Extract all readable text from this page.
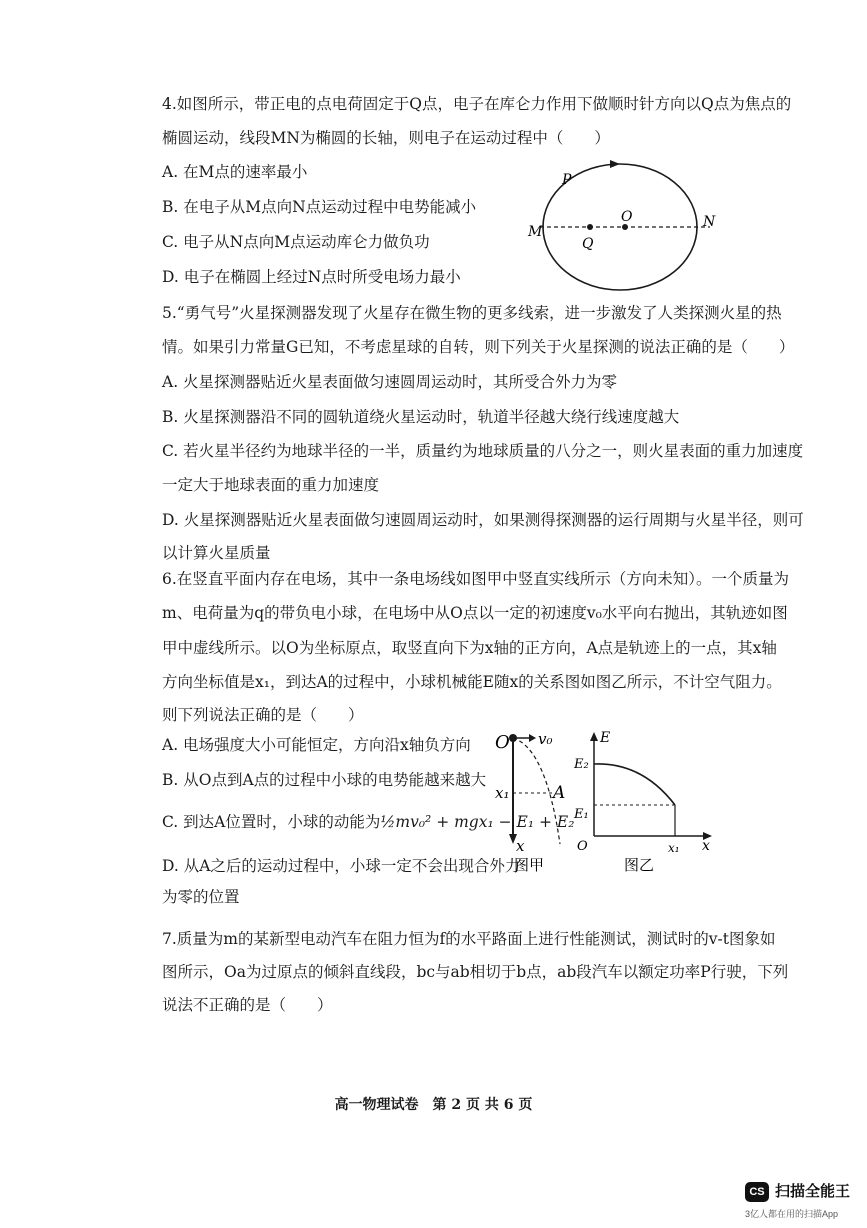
4.如图所示，带正电的点电荷固定于Q点，电子在库仑力作用下做顺时针方向以Q点为焦点的
椭圆运动，线段MN为椭圆的长轴，则电子在运动过程中（　　）
A. 在M点的速率最小
B. 在电子从M点向N点运动过程中电势能减小
C. 电子从N点向M点运动库仑力做负功
D. 电子在椭圆上经过N点时所受电场力最小
P
M
N
O
Q
5.“勇气号”火星探测器发现了火星存在微生物的更多线索，进一步激发了人类探测火星的热
情。如果引力常量G已知，不考虑星球的自转，则下列关于火星探测的说法正确的是（　　）
A. 火星探测器贴近火星表面做匀速圆周运动时，其所受合外力为零
B. 火星探测器沿不同的圆轨道绕火星运动时，轨道半径越大绕行线速度越大
C. 若火星半径约为地球半径的一半，质量约为地球质量的八分之一，则火星表面的重力加速度
一定大于地球表面的重力加速度
D. 火星探测器贴近火星表面做匀速圆周运动时，如果测得探测器的运行周期与火星半径，则可
以计算火星质量
6.在竖直平面内存在电场，其中一条电场线如图甲中竖直实线所示（方向未知）。一个质量为
m、电荷量为q的带负电小球，在电场中从O点以一定的初速度v₀水平向右抛出，其轨迹如图
甲中虚线所示。以O为坐标原点，取竖直向下为x轴的正方向，A点是轨迹上的一点，其x轴
方向坐标值是x₁，到达A的过程中，小球机械能E随x的关系图如图乙所示，不计空气阻力。
则下列说法正确的是（　　）
A. 电场强度大小可能恒定，方向沿x轴负方向
B. 从O点到A点的过程中小球的电势能越来越大
C. 到达A位置时，小球的动能为½mv₀² + mgx₁ − E₁ + E₂
D. 从A之后的运动过程中，小球一定不会出现合外力
为零的位置
O v₀
x₁	A
x
图甲
E
E₂
E₁
O	x₁ x
图乙
7.质量为m的某新型电动汽车在阻力恒为f的水平路面上进行性能测试，测试时的v-t图象如
图所示，Oa为过原点的倾斜直线段，bc与ab相切于b点，ab段汽车以额定功率P行驶，下列
说法不正确的是（　　）
高一物理试卷　第 2 页 共 6 页
CS 扫描全能王
3亿人都在用的扫描App
